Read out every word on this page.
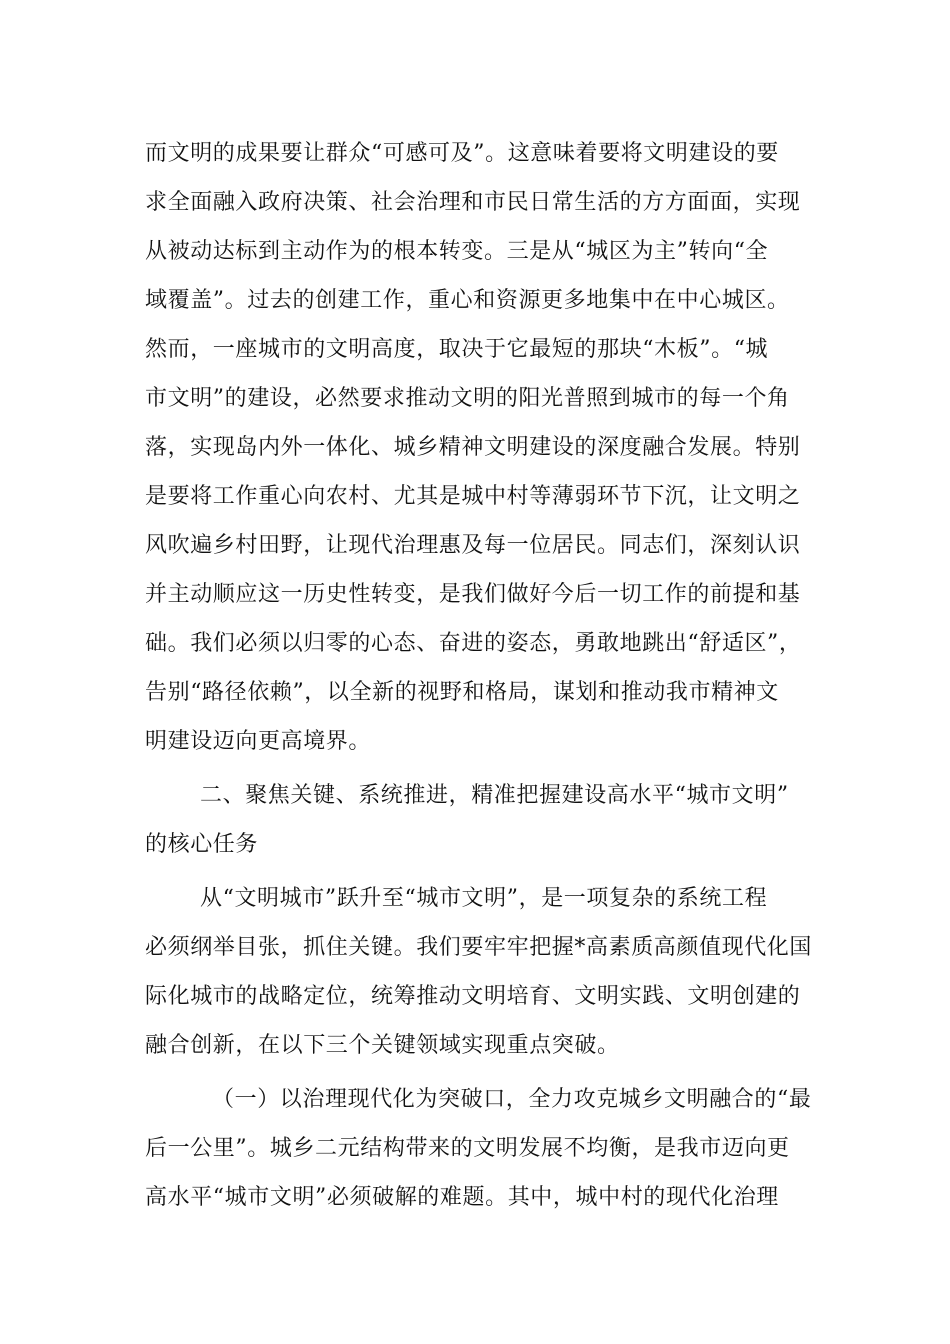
而文明的成果要让群众“可感可及”。这意味着要将文明建设的要
求全面融入政府决策、社会治理和市民日常生活的方方面面，实现
从被动达标到主动作为的根本转变。三是从“城区为主”转向“全
域覆盖”。过去的创建工作，重心和资源更多地集中在中心城区。
然而，一座城市的文明高度，取决于它最短的那块“木板”。“城
市文明”的建设，必然要求推动文明的阳光普照到城市的每一个角
落，实现岛内外一体化、城乡精神文明建设的深度融合发展。特别
是要将工作重心向农村、尤其是城中村等薄弱环节下沉，让文明之
风吹遍乡村田野，让现代治理惠及每一位居民。同志们，深刻认识
并主动顺应这一历史性转变，是我们做好今后一切工作的前提和基
础。我们必须以归零的心态、奋进的姿态，勇敢地跳出“舒适区”，
告别“路径依赖”，以全新的视野和格局，谋划和推动我市精神文
明建设迈向更高境界。
二、聚焦关键、系统推进，精准把握建设高水平“城市文明”
的核心任务
从“文明城市”跃升至“城市文明”，是一项复杂的系统工程
必须纲举目张，抓住关键。我们要牢牢把握*高素质高颜值现代化国
际化城市的战略定位，统筹推动文明培育、文明实践、文明创建的
融合创新，在以下三个关键领域实现重点突破。
（一）以治理现代化为突破口，全力攻克城乡文明融合的“最
后一公里”。城乡二元结构带来的文明发展不均衡，是我市迈向更
高水平“城市文明”必须破解的难题。其中，城中村的现代化治理
